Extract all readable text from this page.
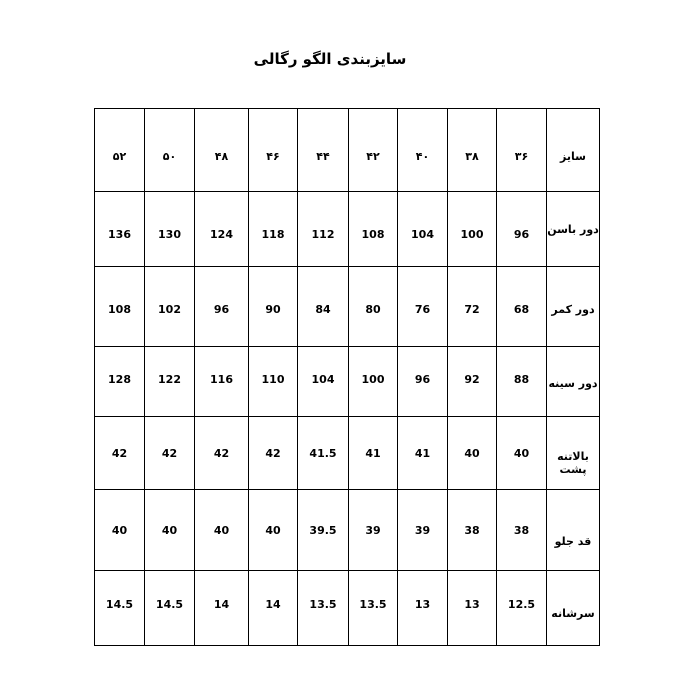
سایزبندی الگو رگالی
۵۲	۵۰	۴۸	۴۶	۴۴	۴۲	۴۰	۳۸	۳۶	سایز
136	130	124	118	112	108	104	100	96	دور باسن
108	102	96	90	84	80	76	72	68	دور کمر
128	122	116	110	104	100	96	92	88	دور سینه
42	42	42	42	41.5	41	41	40	40	بالاتنه پشت
40	40	40	40	39.5	39	39	38	38	قد جلو
14.5	14.5	14	14	13.5	13.5	13	13	12.5	سرشانه
